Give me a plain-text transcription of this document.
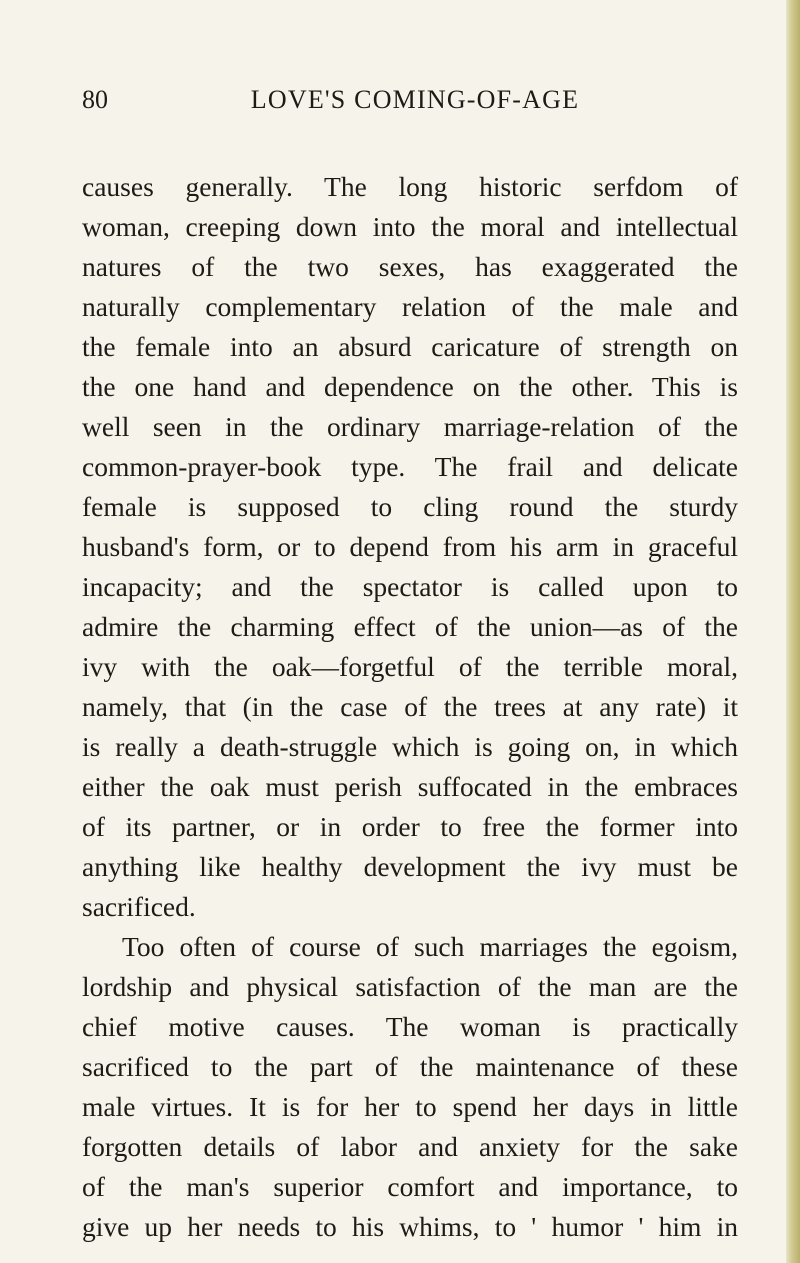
80	LOVE'S COMING-OF-AGE
causes generally. The long historic serfdom of
woman, creeping down into the moral and intellectual
natures of the two sexes, has exaggerated the
naturally complementary relation of the male and
the female into an absurd caricature of strength on
the one hand and dependence on the other. This is
well seen in the ordinary marriage-relation of the
common-prayer-book type. The frail and delicate
female is supposed to cling round the sturdy
husband's form, or to depend from his arm in graceful
incapacity; and the spectator is called upon to
admire the charming effect of the union—as of the
ivy with the oak—forgetful of the terrible moral,
namely, that (in the case of the trees at any rate) it
is really a death-struggle which is going on, in which
either the oak must perish suffocated in the embraces
of its partner, or in order to free the former into
anything like healthy development the ivy must be
sacrificed.
Too often of course of such marriages the egoism,
lordship and physical satisfaction of the man are the
chief motive causes. The woman is practically
sacrificed to the part of the maintenance of these
male virtues. It is for her to spend her days in little
forgotten details of labor and anxiety for the sake
of the man's superior comfort and importance, to
give up her needs to his whims, to ' humor ' him in
